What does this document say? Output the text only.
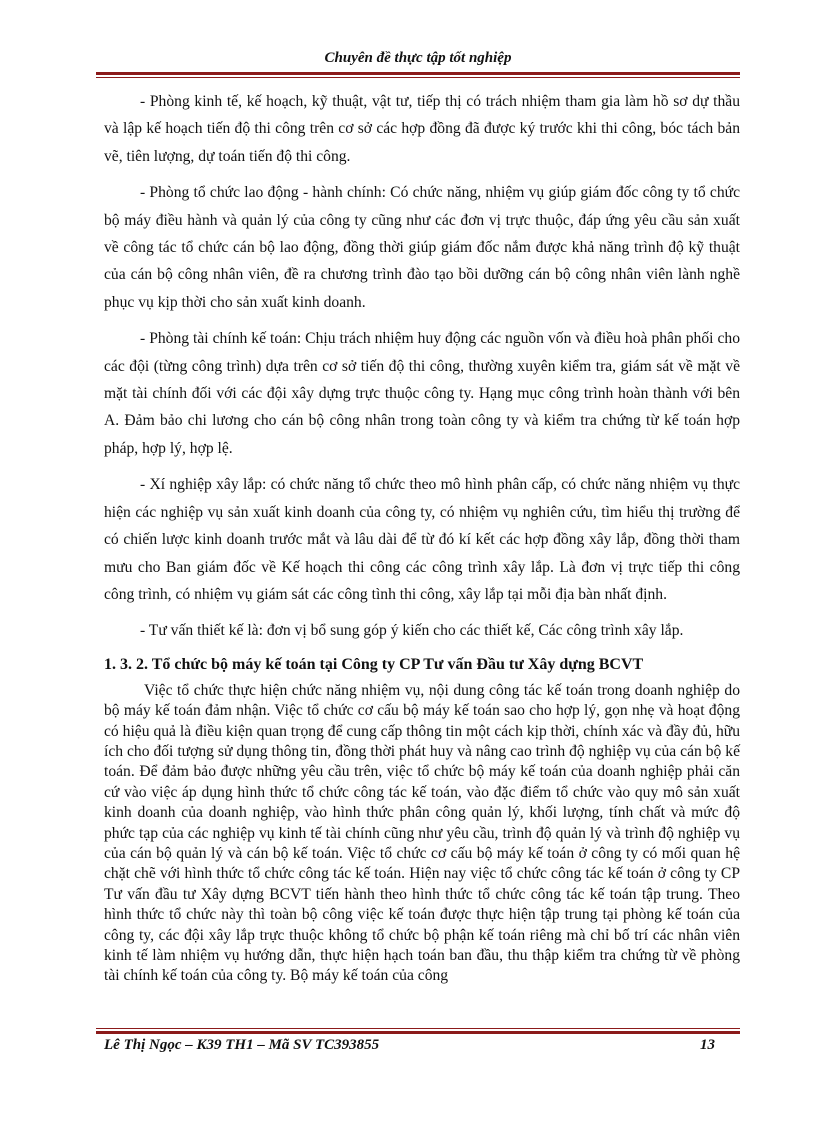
Chuyên đề thực tập tốt nghiệp

- Phòng kinh tế, kế hoạch, kỹ thuật, vật tư, tiếp thị có trách nhiệm tham gia làm hồ sơ dự thầu và lập kế hoạch tiến độ thi công trên cơ sở các hợp đồng đã được ký trước khi thi công, bóc tách bản vẽ, tiên lượng, dự toán tiến độ thi công.

- Phòng tổ chức lao động - hành chính: Có chức năng, nhiệm vụ giúp giám đốc công ty tổ chức bộ máy điều hành và quản lý của công ty cũng như các đơn vị trực thuộc, đáp ứng yêu cầu sản xuất về công tác tổ chức cán bộ lao động, đồng thời giúp giám đốc nắm được khả năng trình độ kỹ thuật của cán bộ công nhân viên, đề ra chương trình đào tạo bồi dưỡng cán bộ công nhân viên lành nghề phục vụ kịp thời cho sản xuất kinh doanh.

- Phòng tài chính kế toán: Chịu trách nhiệm huy động các nguồn vốn và điều hoà phân phối cho các đội (từng công trình) dựa trên cơ sở tiến độ thi công, thường xuyên kiểm tra, giám sát về mặt về mặt tài chính đối với các đội xây dựng trực thuộc công ty. Hạng mục công trình hoàn thành với bên A. Đảm bảo chi lương cho cán bộ công nhân trong toàn công ty và kiểm tra chứng từ kế toán hợp pháp, hợp lý, hợp lệ.

- Xí nghiệp xây lắp: có chức năng tổ chức theo mô hình phân cấp, có chức năng nhiệm vụ thực hiện các nghiệp vụ sản xuất kinh doanh của công ty, có nhiệm vụ nghiên cứu, tìm hiểu thị trường để có chiến lược kinh doanh trước mắt và lâu dài để từ đó kí kết các hợp đồng xây lắp, đồng thời tham mưu cho Ban giám đốc về Kế hoạch thi công các công trình xây lắp. Là đơn vị trực tiếp thi công công trình, có nhiệm vụ giám sát các công tình thi công, xây lắp tại mỗi địa bàn nhất định.

- Tư vấn thiết kế là: đơn vị bổ sung góp ý kiến cho các thiết kế, Các công trình xây lắp.

1. 3. 2. Tổ chức bộ máy kế toán tại Công ty CP Tư vấn Đầu tư Xây dựng BCVT

Việc tổ chức thực hiện chức năng nhiệm vụ, nội dung công tác kế toán trong doanh nghiệp do bộ máy kế toán đảm nhận. Việc tổ chức cơ cấu bộ máy kế toán sao cho hợp lý, gọn nhẹ và hoạt động có hiệu quả là điều kiện quan trọng để cung cấp thông tin một cách kịp thời, chính xác và đầy đủ, hữu ích cho đối tượng sử dụng thông tin, đồng thời phát huy và nâng cao trình độ nghiệp vụ của cán bộ kế toán. Để đảm bảo được những yêu cầu trên, việc tổ chức bộ máy kế toán của doanh nghiệp phải căn cứ vào việc áp dụng hình thức tổ chức công tác kế toán, vào đặc điểm tổ chức vào quy mô sản xuất kinh doanh của doanh nghiệp, vào hình thức phân công quản lý, khối lượng, tính chất và mức độ phức tạp của các nghiệp vụ kinh tế tài chính cũng như yêu cầu, trình độ quản lý và trình độ nghiệp vụ của cán bộ quản lý và cán bộ kế toán. Việc tổ chức cơ cấu bộ máy kế toán ở công ty có mối quan hệ chặt chẽ với hình thức tổ chức công tác kế toán. Hiện nay việc tổ chức công tác kế toán ở công ty CP Tư vấn đầu tư Xây dựng BCVT tiến hành theo hình thức tổ chức công tác kế toán tập trung. Theo hình thức tổ chức này thì toàn bộ công việc kế toán được thực hiện tập trung tại phòng kế toán của công ty, các đội xây lắp trực thuộc không tổ chức bộ phận kế toán riêng mà chỉ bố trí các nhân viên kinh tế làm nhiệm vụ hướng dẫn, thực hiện hạch toán ban đầu, thu thập kiểm tra chứng từ về phòng tài chính kế toán của công ty. Bộ máy kế toán của công

Lê Thị Ngọc – K39 TH1 – Mã SV TC393855	13
